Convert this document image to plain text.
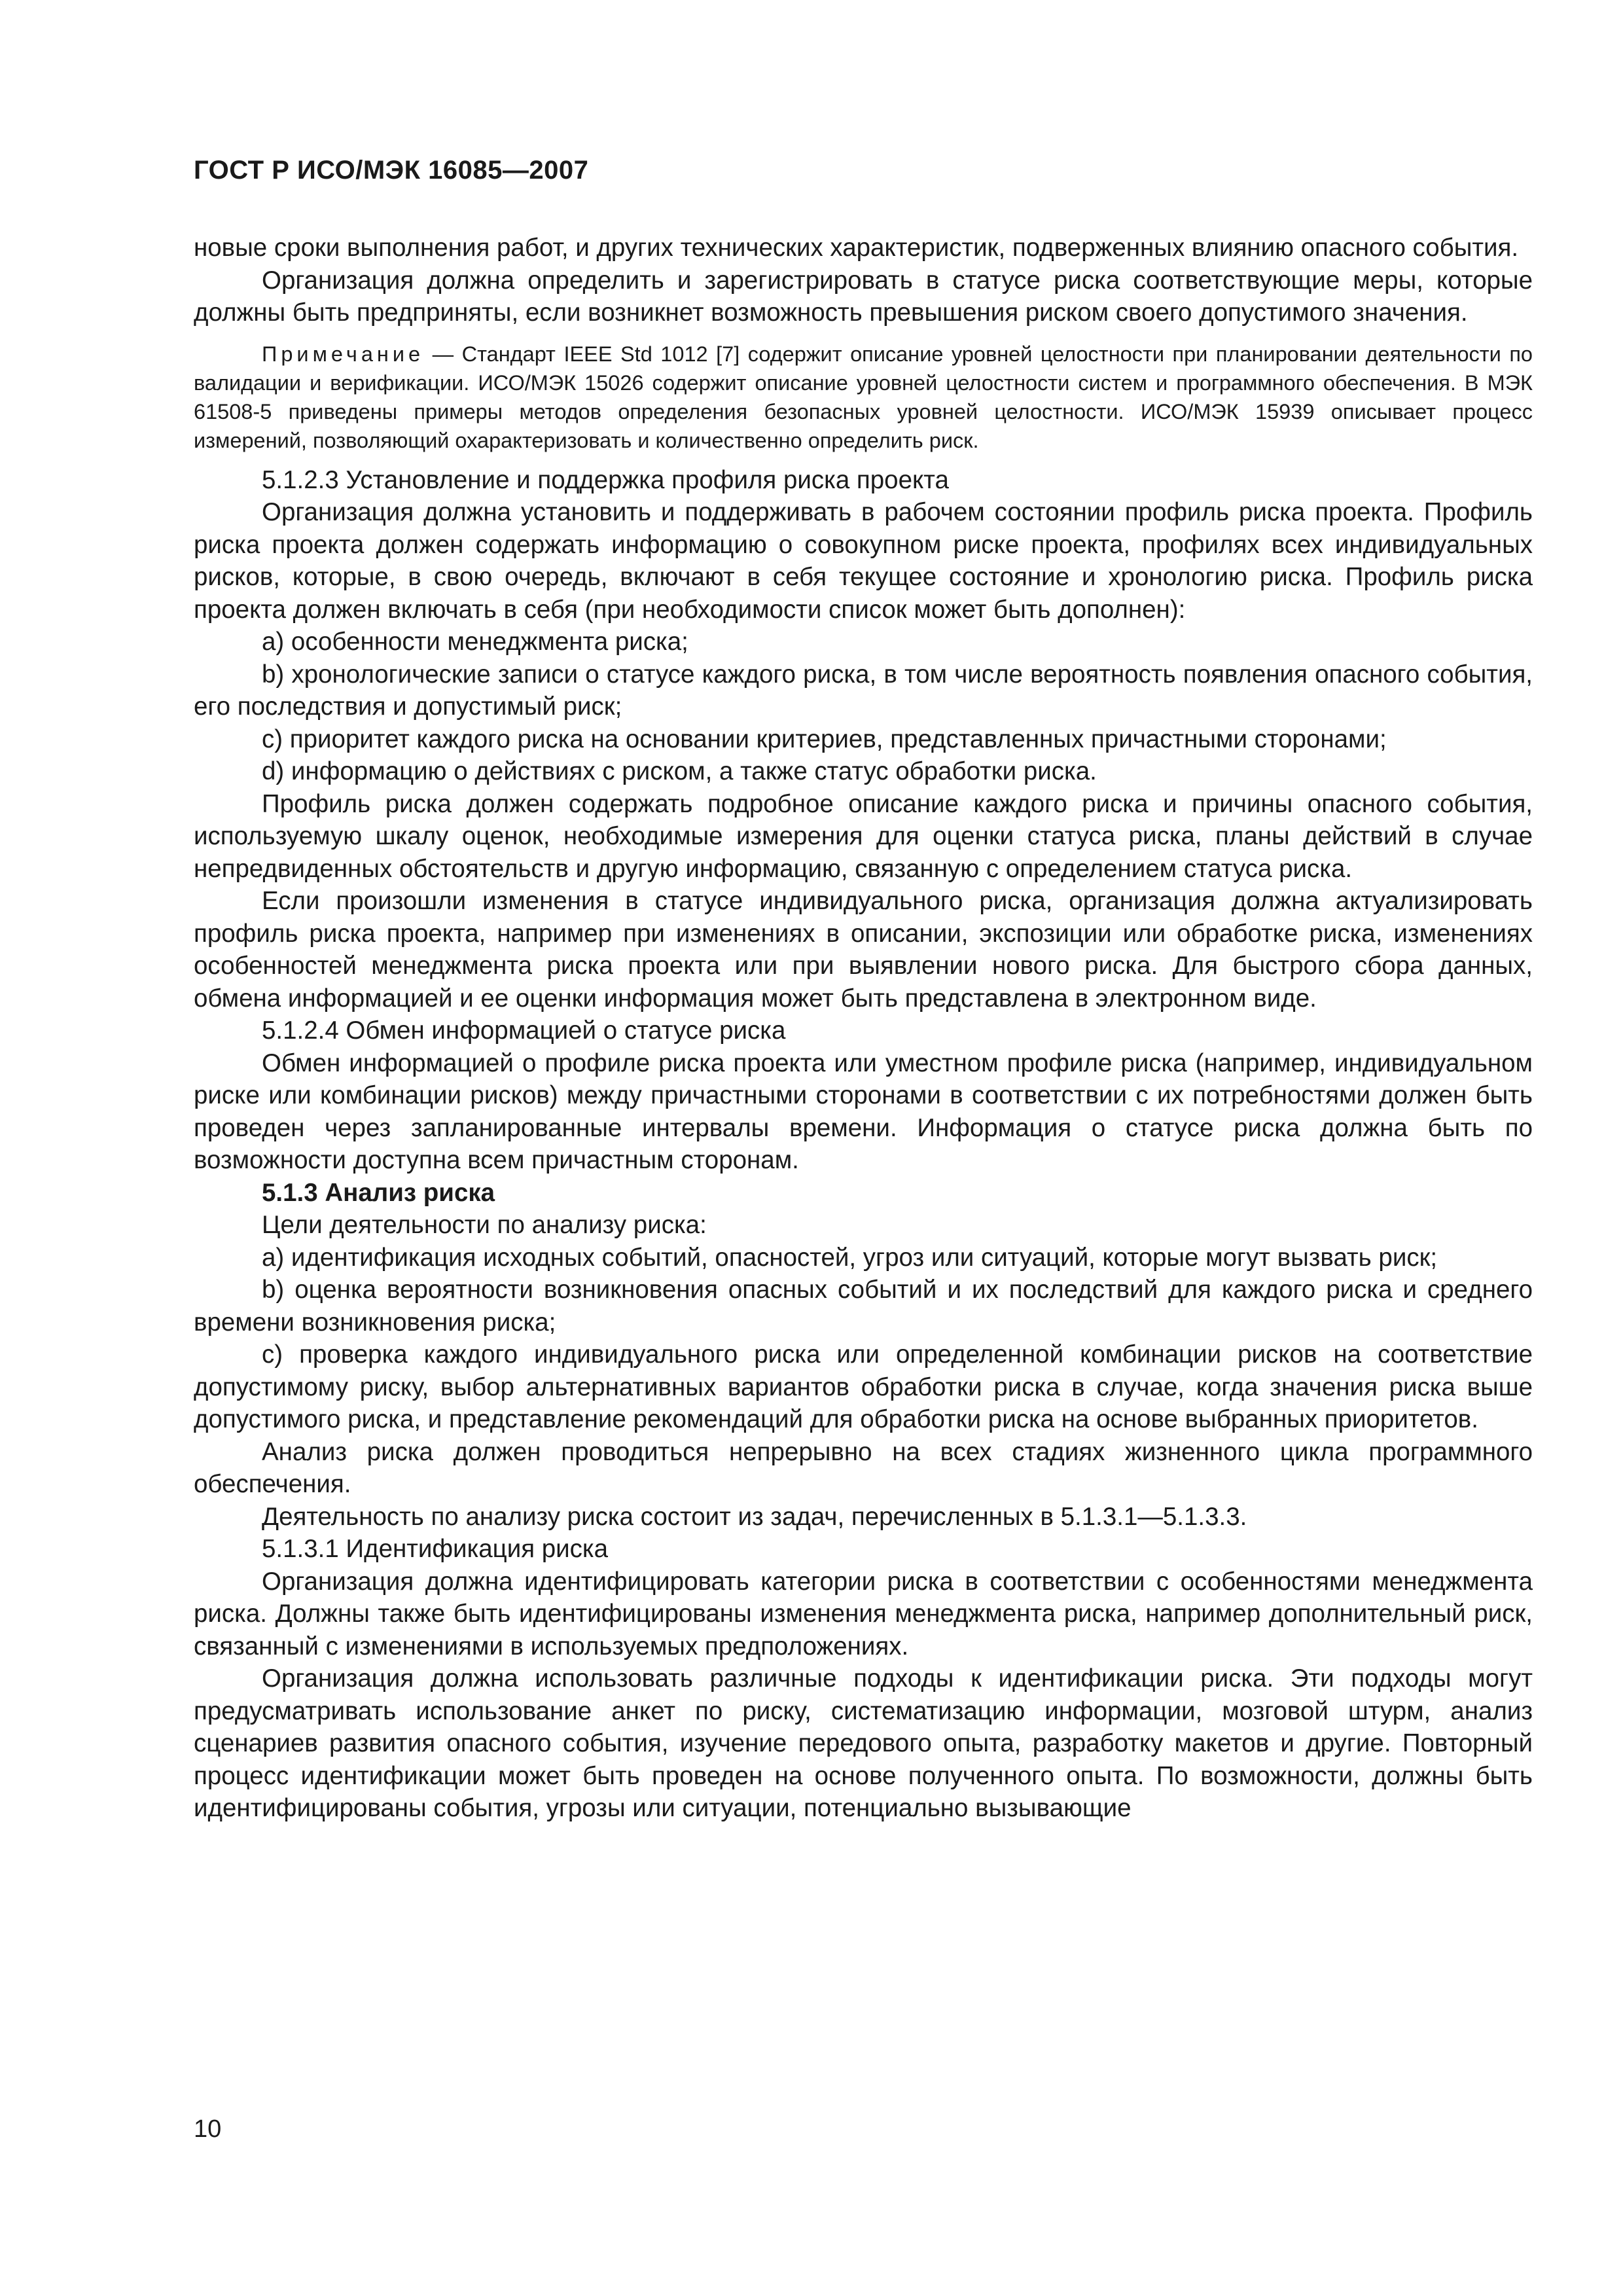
ГОСТ Р ИСО/МЭК 16085—2007

новые сроки выполнения работ, и других технических характеристик, подверженных влиянию опасного события.

Организация должна определить и зарегистрировать в статусе риска соответствующие меры, которые должны быть предприняты, если возникнет возможность превышения риском своего допустимого значения.

Примечание — Стандарт IEEE Std 1012 [7] содержит описание уровней целостности при планировании деятельности по валидации и верификации. ИСО/МЭК 15026 содержит описание уровней целостности систем и программного обеспечения. В МЭК 61508-5 приведены примеры методов определения безопасных уровней целостности. ИСО/МЭК 15939 описывает процесс измерений, позволяющий охарактеризовать и количественно определить риск.

5.1.2.3 Установление и поддержка профиля риска проекта

Организация должна установить и поддерживать в рабочем состоянии профиль риска проекта. Профиль риска проекта должен содержать информацию о совокупном риске проекта, профилях всех индивидуальных рисков, которые, в свою очередь, включают в себя текущее состояние и хронологию риска. Профиль риска проекта должен включать в себя (при необходимости список может быть дополнен):

a) особенности менеджмента риска;

b) хронологические записи о статусе каждого риска, в том числе вероятность появления опасного события, его последствия и допустимый риск;

c) приоритет каждого риска на основании критериев, представленных причастными сторонами;

d) информацию о действиях с риском, а также статус обработки риска.

Профиль риска должен содержать подробное описание каждого риска и причины опасного события, используемую шкалу оценок, необходимые измерения для оценки статуса риска, планы действий в случае непредвиденных обстоятельств и другую информацию, связанную с определением статуса риска.

Если произошли изменения в статусе индивидуального риска, организация должна актуализировать профиль риска проекта, например при изменениях в описании, экспозиции или обработке риска, изменениях особенностей менеджмента риска проекта или при выявлении нового риска. Для быстрого сбора данных, обмена информацией и ее оценки информация может быть представлена в электронном виде.

5.1.2.4 Обмен информацией о статусе риска

Обмен информацией о профиле риска проекта или уместном профиле риска (например, индивидуальном риске или комбинации рисков) между причастными сторонами в соответствии с их потребностями должен быть проведен через запланированные интервалы времени. Информация о статусе риска должна быть по возможности доступна всем причастным сторонам.

5.1.3 Анализ риска

Цели деятельности по анализу риска:

a) идентификация исходных событий, опасностей, угроз или ситуаций, которые могут вызвать риск;

b) оценка вероятности возникновения опасных событий и их последствий для каждого риска и среднего времени возникновения риска;

c) проверка каждого индивидуального риска или определенной комбинации рисков на соответствие допустимому риску, выбор альтернативных вариантов обработки риска в случае, когда значения риска выше допустимого риска, и представление рекомендаций для обработки риска на основе выбранных приоритетов.

Анализ риска должен проводиться непрерывно на всех стадиях жизненного цикла программного обеспечения.

Деятельность по анализу риска состоит из задач, перечисленных в 5.1.3.1—5.1.3.3.

5.1.3.1 Идентификация риска

Организация должна идентифицировать категории риска в соответствии с особенностями менеджмента риска. Должны также быть идентифицированы изменения менеджмента риска, например дополнительный риск, связанный с изменениями в используемых предположениях.

Организация должна использовать различные подходы к идентификации риска. Эти подходы могут предусматривать использование анкет по риску, систематизацию информации, мозговой штурм, анализ сценариев развития опасного события, изучение передового опыта, разработку макетов и другие. Повторный процесс идентификации может быть проведен на основе полученного опыта. По возможности, должны быть идентифицированы события, угрозы или ситуации, потенциально вызывающие

10
